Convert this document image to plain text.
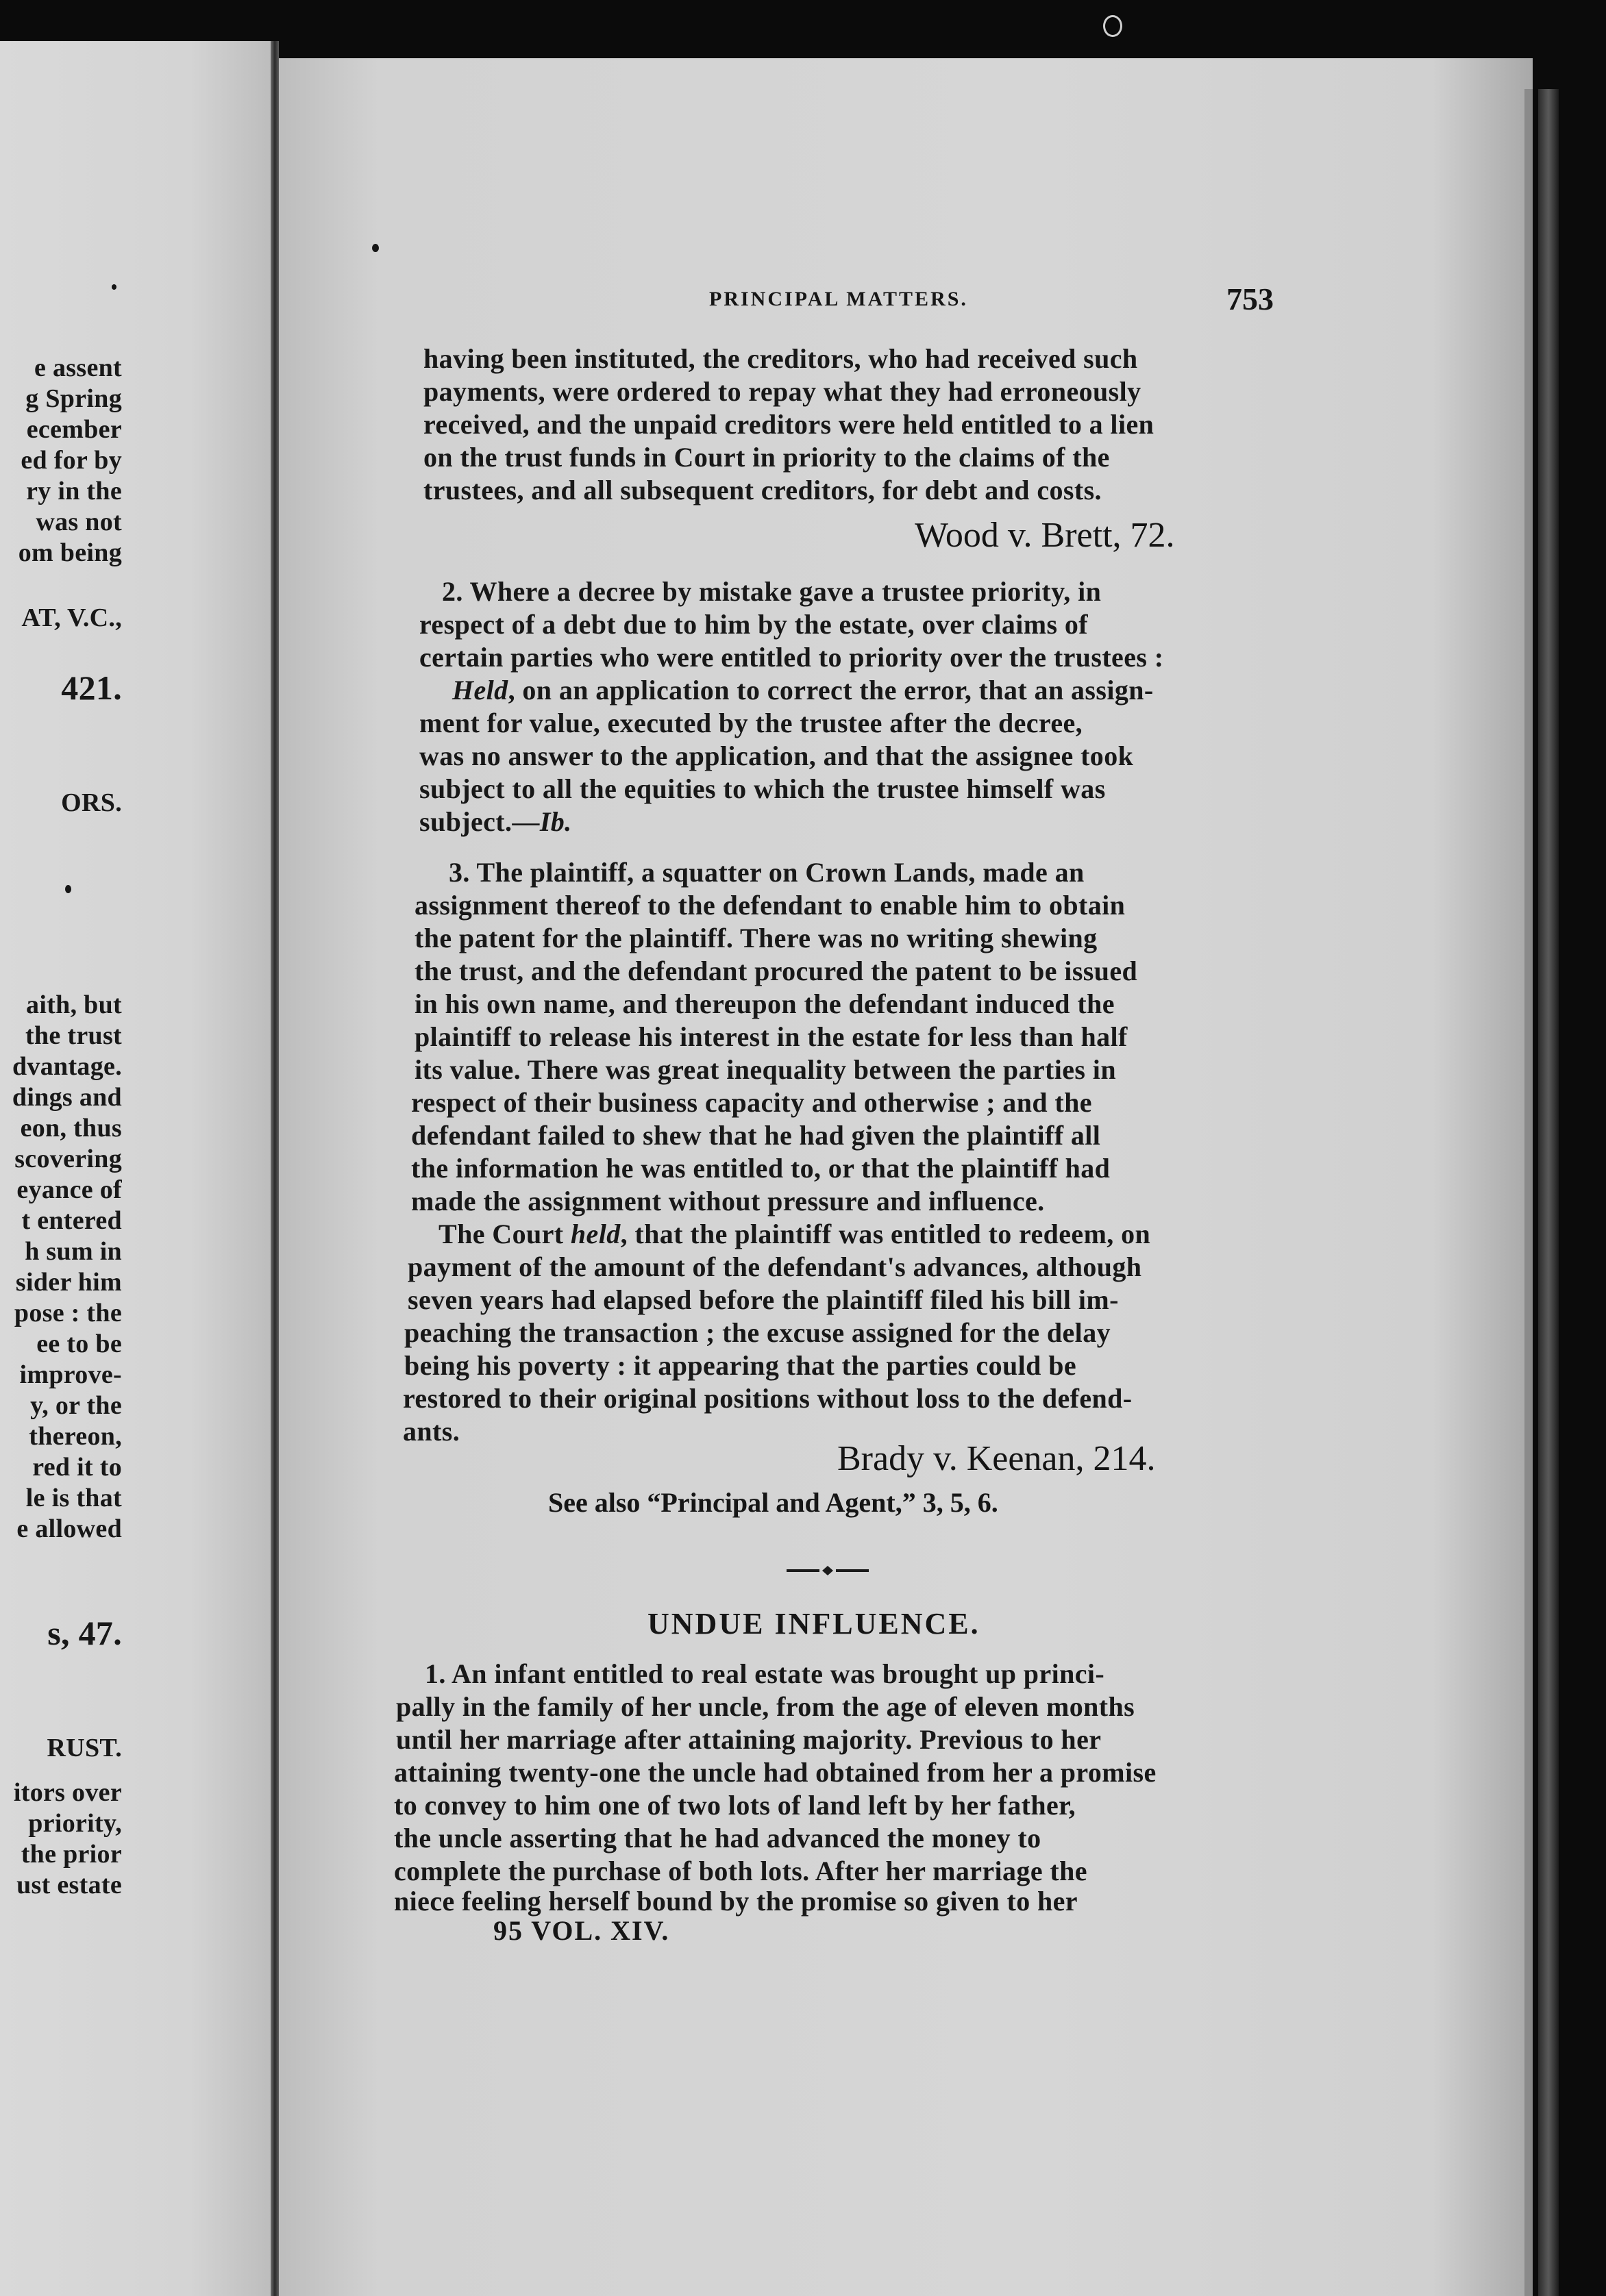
e assent
g Spring
ecember
ed for by
ry in the
was not
om being
AT, V.C.,
421.
ORS.
aith, but
the trust
dvantage.
dings and
eon, thus
scovering
eyance of
t entered
h sum in
sider him
pose : the
ee to be
improve-
y, or the
thereon,
red it to
le is that
e allowed
s, 47.
RUST.
itors over
priority,
the prior
ust estate
PRINCIPAL MATTERS.	753
having been instituted, the creditors, who had received such
payments, were ordered to repay what they had erroneously
received, and the unpaid creditors were held entitled to a lien
on the trust funds in Court in priority to the claims of the
trustees, and all subsequent creditors, for debt and costs.
Wood v. Brett, 72.
2. Where a decree by mistake gave a trustee priority, in
respect of a debt due to him by the estate, over claims of
certain parties who were entitled to priority over the trustees :
Held, on an application to correct the error, that an assign-
ment for value, executed by the trustee after the decree,
was no answer to the application, and that the assignee took
subject to all the equities to which the trustee himself was
subject.—Ib.
3. The plaintiff, a squatter on Crown Lands, made an
assignment thereof to the defendant to enable him to obtain
the patent for the plaintiff. There was no writing shewing
the trust, and the defendant procured the patent to be issued
in his own name, and thereupon the defendant induced the
plaintiff to release his interest in the estate for less than half
its value. There was great inequality between the parties in
respect of their business capacity and otherwise ; and the
defendant failed to shew that he had given the plaintiff all
the information he was entitled to, or that the plaintiff had
made the assignment without pressure and influence.
The Court held, that the plaintiff was entitled to redeem, on
payment of the amount of the defendant's advances, although
seven years had elapsed before the plaintiff filed his bill im-
peaching the transaction ; the excuse assigned for the delay
being his poverty : it appearing that the parties could be
restored to their original positions without loss to the defend-
ants.
Brady v. Keenan, 214.
See also “Principal and Agent,” 3, 5, 6.
UNDUE INFLUENCE.
1. An infant entitled to real estate was brought up princi-
pally in the family of her uncle, from the age of eleven months
until her marriage after attaining majority. Previous to her
attaining twenty-one the uncle had obtained from her a promise
to convey to him one of two lots of land left by her father,
the uncle asserting that he had advanced the money to
complete the purchase of both lots. After her marriage the
niece feeling herself bound by the promise so given to her
95 VOL. XIV.
